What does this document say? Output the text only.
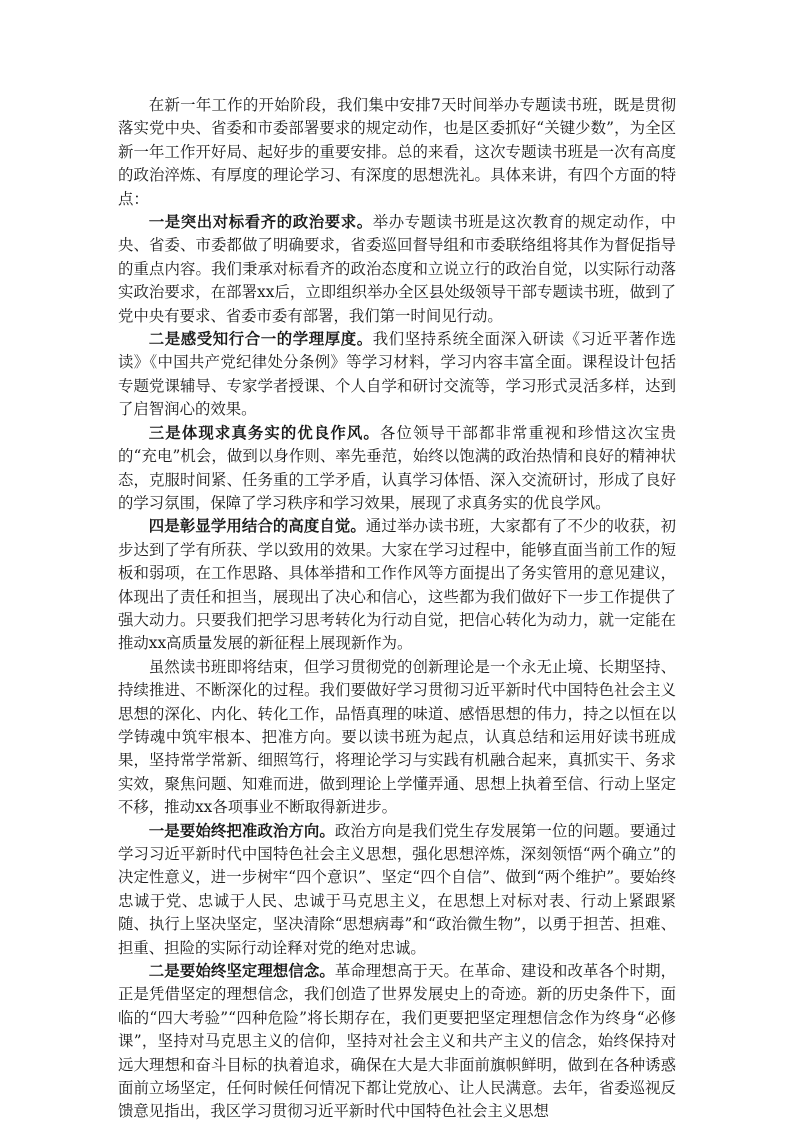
在新一年工作的开始阶段，我们集中安排7天时间举办专题读书班，既是贯彻落实党中央、省委和市委部署要求的规定动作，也是区委抓好“关键少数”，为全区新一年工作开好局、起好步的重要安排。总的来看，这次专题读书班是一次有高度的政治淬炼、有厚度的理论学习、有深度的思想洗礼。具体来讲，有四个方面的特点：

一是突出对标看齐的政治要求。举办专题读书班是这次教育的规定动作，中央、省委、市委都做了明确要求，省委巡回督导组和市委联络组将其作为督促指导的重点内容。我们秉承对标看齐的政治态度和立说立行的政治自觉，以实际行动落实政治要求，在部署xx后，立即组织举办全区县处级领导干部专题读书班，做到了党中央有要求、省委市委有部署，我们第一时间见行动。

二是感受知行合一的学理厚度。我们坚持系统全面深入研读《习近平著作选读》《中国共产党纪律处分条例》等学习材料，学习内容丰富全面。课程设计包括专题党课辅导、专家学者授课、个人自学和研讨交流等，学习形式灵活多样，达到了启智润心的效果。

三是体现求真务实的优良作风。各位领导干部都非常重视和珍惜这次宝贵的“充电”机会，做到以身作则、率先垂范，始终以饱满的政治热情和良好的精神状态，克服时间紧、任务重的工学矛盾，认真学习体悟、深入交流研讨，形成了良好的学习氛围，保障了学习秩序和学习效果，展现了求真务实的优良学风。

四是彰显学用结合的高度自觉。通过举办读书班，大家都有了不少的收获，初步达到了学有所获、学以致用的效果。大家在学习过程中，能够直面当前工作的短板和弱项，在工作思路、具体举措和工作作风等方面提出了务实管用的意见建议，体现出了责任和担当，展现出了决心和信心，这些都为我们做好下一步工作提供了强大动力。只要我们把学习思考转化为行动自觉，把信心转化为动力，就一定能在推动xx高质量发展的新征程上展现新作为。

虽然读书班即将结束，但学习贯彻党的创新理论是一个永无止境、长期坚持、持续推进、不断深化的过程。我们要做好学习贯彻习近平新时代中国特色社会主义思想的深化、内化、转化工作，品悟真理的味道、感悟思想的伟力，持之以恒在以学铸魂中筑牢根本、把准方向。要以读书班为起点，认真总结和运用好读书班成果，坚持常学常新、细照笃行，将理论学习与实践有机融合起来，真抓实干、务求实效，聚焦问题、知难而进，做到理论上学懂弄通、思想上执着至信、行动上坚定不移，推动xx各项事业不断取得新进步。

一是要始终把准政治方向。政治方向是我们党生存发展第一位的问题。要通过学习习近平新时代中国特色社会主义思想，强化思想淬炼，深刻领悟“两个确立”的决定性意义，进一步树牢“四个意识”、坚定“四个自信”、做到“两个维护”。要始终忠诚于党、忠诚于人民、忠诚于马克思主义，在思想上对标对表、行动上紧跟紧随、执行上坚决坚定，坚决清除“思想病毒”和“政治微生物”，以勇于担苦、担难、担重、担险的实际行动诠释对党的绝对忠诚。

二是要始终坚定理想信念。革命理想高于天。在革命、建设和改革各个时期，正是凭借坚定的理想信念，我们创造了世界发展史上的奇迹。新的历史条件下，面临的“四大考验”“四种危险”将长期存在，我们更要把坚定理想信念作为终身“必修课”，坚持对马克思主义的信仰，坚持对社会主义和共产主义的信念，始终保持对远大理想和奋斗目标的执着追求，确保在大是大非面前旗帜鲜明，做到在各种诱惑面前立场坚定，任何时候任何情况下都让党放心、让人民满意。去年，省委巡视反馈意见指出，我区学习贯彻习近平新时代中国特色社会主义思想
